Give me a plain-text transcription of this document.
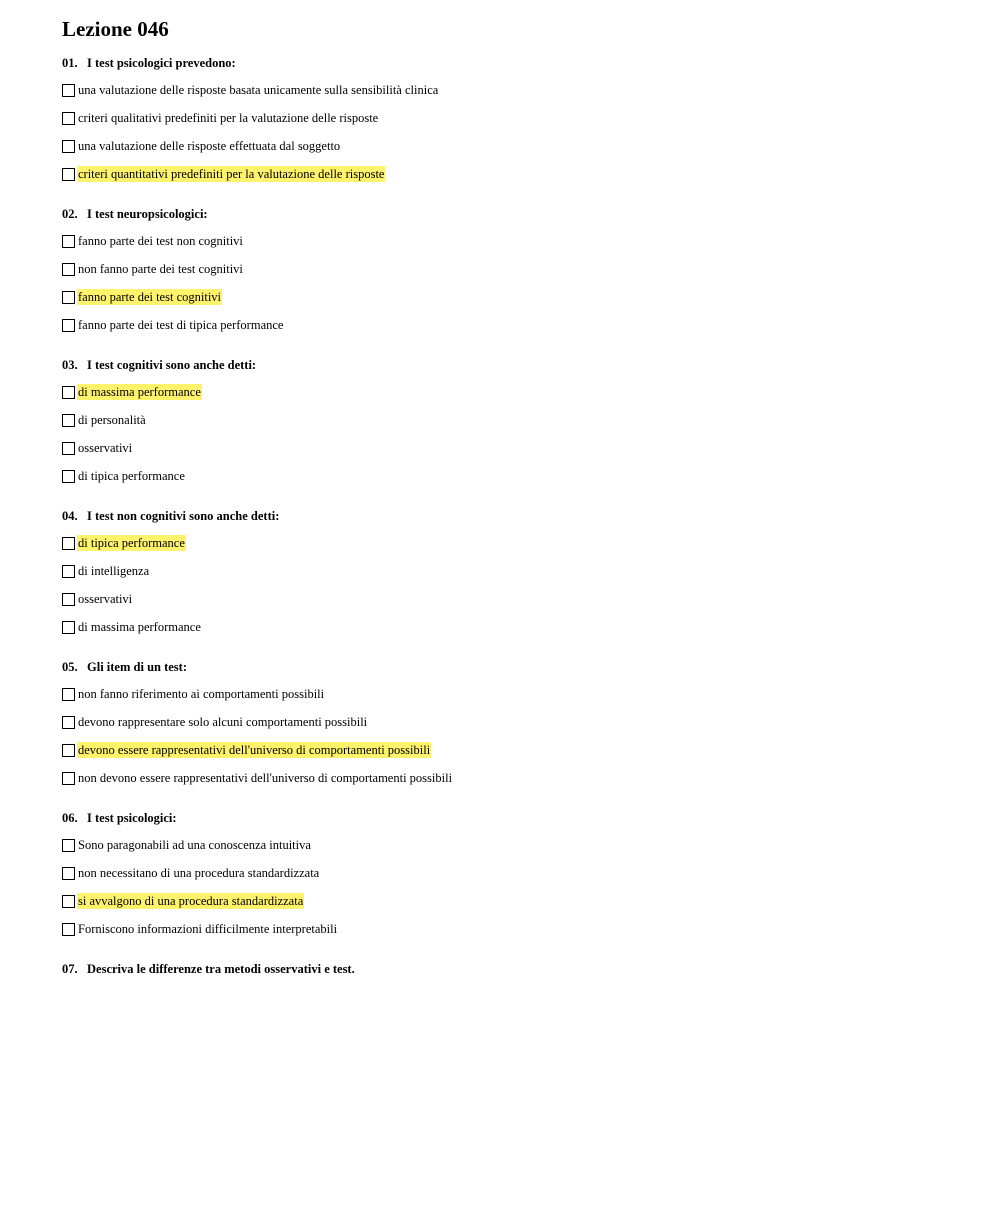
Lezione 046
01. I test psicologici prevedono:
una valutazione delle risposte basata unicamente sulla sensibilità clinica
criteri qualitativi predefiniti per la valutazione delle risposte
una valutazione delle risposte effettuata dal soggetto
criteri quantitativi predefiniti per la valutazione delle risposte
02. I test neuropsicologici:
fanno parte dei test non cognitivi
non fanno parte dei test cognitivi
fanno parte dei test cognitivi
fanno parte dei test di tipica performance
03. I test cognitivi sono anche detti:
di massima performance
di personalità
osservativi
di tipica performance
04. I test non cognitivi sono anche detti:
di tipica performance
di intelligenza
osservativi
di massima performance
05. Gli item di un test:
non fanno riferimento ai comportamenti possibili
devono rappresentare solo alcuni comportamenti possibili
devono essere rappresentativi dell'universo di comportamenti possibili
non devono essere rappresentativi dell'universo di comportamenti possibili
06. I test psicologici:
Sono paragonabili ad una conoscenza intuitiva
non necessitano di una procedura standardizzata
si avvalgono di una procedura standardizzata
Forniscono informazioni difficilmente interpretabili
07. Descriva le differenze tra metodi osservativi e test.
